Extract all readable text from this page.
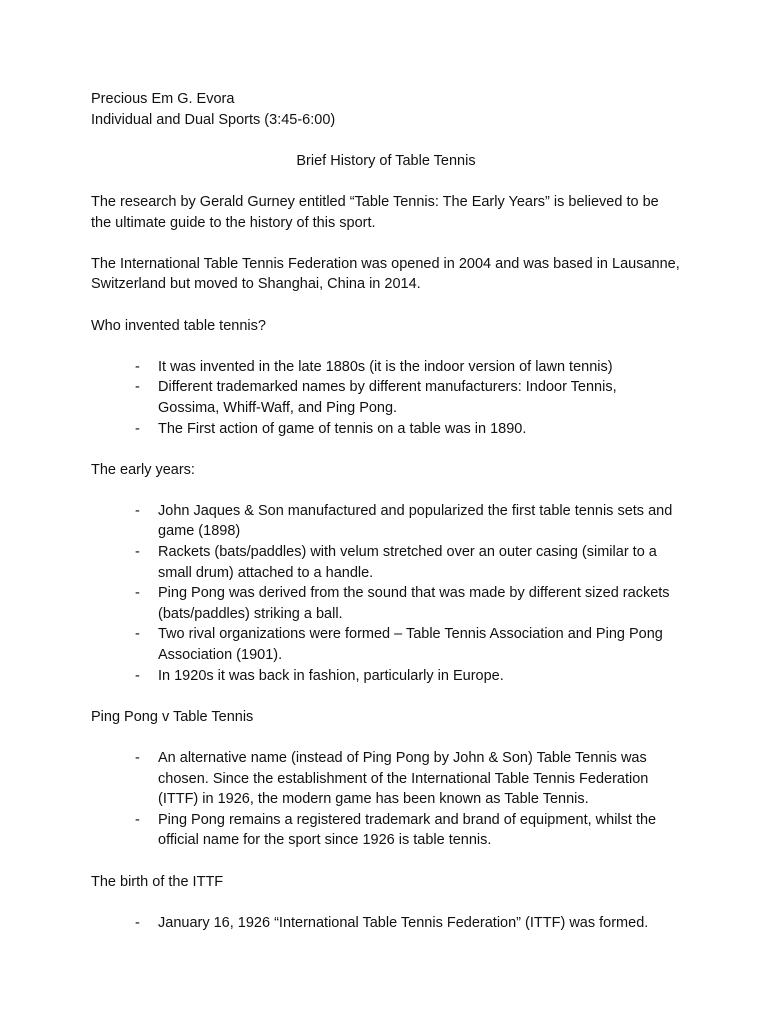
Precious Em G. Evora

Individual and Dual Sports (3:45-6:00)

Brief History of Table Tennis

The research by Gerald Gurney entitled “Table Tennis: The Early Years” is believed to be the ultimate guide to the history of this sport.

The International Table Tennis Federation was opened in 2004 and was based in Lausanne, Switzerland but moved to Shanghai, China in 2014.

Who invented table tennis?

- It was invented in the late 1880s (it is the indoor version of lawn tennis)
- Different trademarked names by different manufacturers: Indoor Tennis, Gossima, Whiff-Waff, and Ping Pong.
- The First action of game of tennis on a table was in 1890.

The early years:

- John Jaques & Son manufactured and popularized the first table tennis sets and game (1898)
- Rackets (bats/paddles) with velum stretched over an outer casing (similar to a small drum) attached to a handle.
- Ping Pong was derived from the sound that was made by different sized rackets (bats/paddles) striking a ball.
- Two rival organizations were formed – Table Tennis Association and Ping Pong Association (1901).
- In 1920s it was back in fashion, particularly in Europe.

Ping Pong v Table Tennis

- An alternative name (instead of Ping Pong by John & Son) Table Tennis was chosen. Since the establishment of the International Table Tennis Federation (ITTF) in 1926, the modern game has been known as Table Tennis.
- Ping Pong remains a registered trademark and brand of equipment, whilst the official name for the sport since 1926 is table tennis.

The birth of the ITTF

- January 16, 1926 “International Table Tennis Federation” (ITTF) was formed.
